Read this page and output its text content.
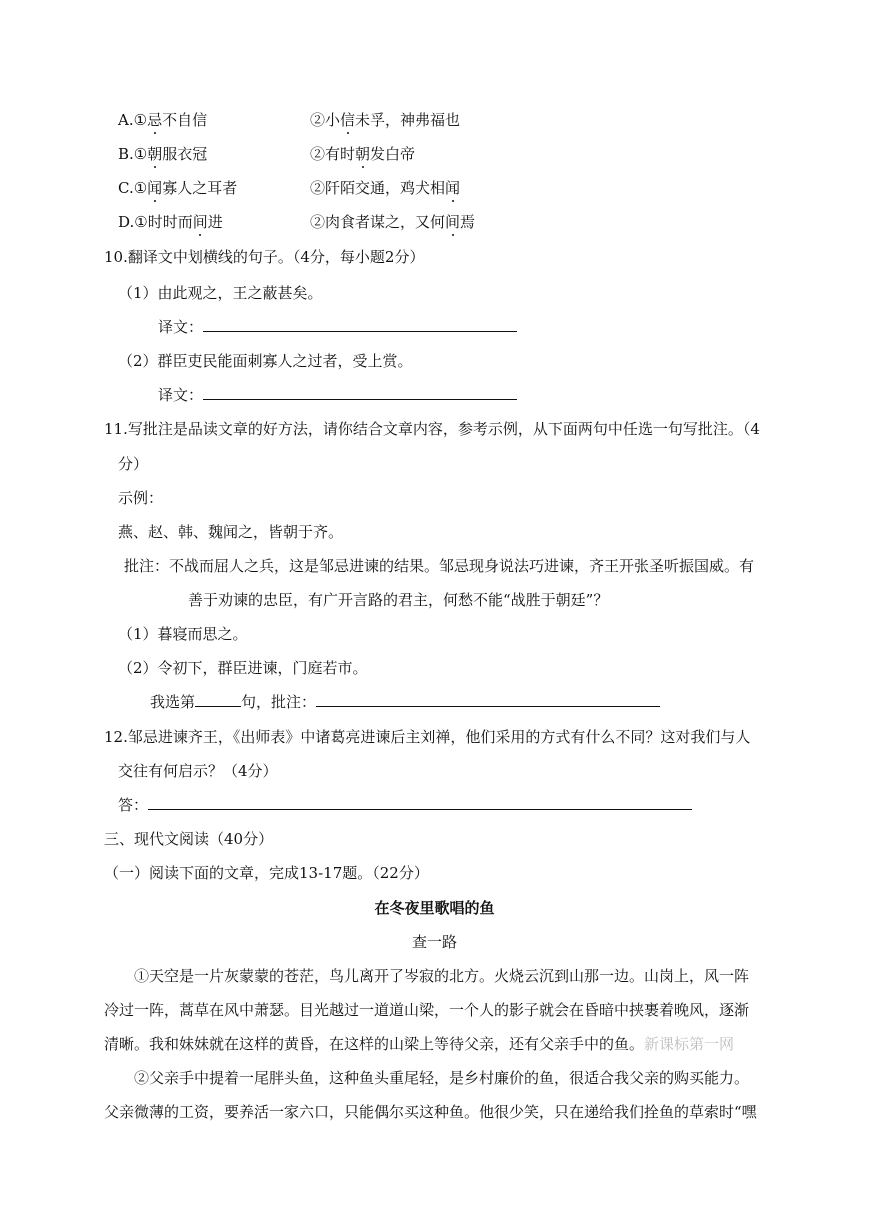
A.①忌不自信	②小信未孚，神弗福也
B.①朝服衣冠	②有时朝发白帝
C.①闻寡人之耳者	②阡陌交通，鸡犬相闻
D.①时时而间进	②肉食者谋之，又何间焉
10.翻译文中划横线的句子。（4分，每小题2分）
（1）由此观之，王之蔽甚矣。
译文：
（2）群臣吏民能面刺寡人之过者，受上赏。
译文：
11.写批注是品读文章的好方法，请你结合文章内容，参考示例，从下面两句中任选一句写批注。（4
分）
示例：
燕、赵、韩、魏闻之，皆朝于齐。
批注：不战而屈人之兵，这是邹忌进谏的结果。邹忌现身说法巧进谏，齐王开张圣听振国威。有
善于劝谏的忠臣，有广开言路的君主，何愁不能“战胜于朝廷”？
（1）暮寝而思之。
（2）令初下，群臣进谏，门庭若市。
我选第	句，批注：
12.邹忌进谏齐王，《出师表》中诸葛亮进谏后主刘禅，他们采用的方式有什么不同？这对我们与人
交往有何启示？（4分）
答：
三、现代文阅读（40分）
（一）阅读下面的文章，完成13-17题。（22分）
在冬夜里歌唱的鱼
查一路
①天空是一片灰蒙蒙的苍茫，鸟儿离开了岑寂的北方。火烧云沉到山那一边。山岗上，风一阵
冷过一阵，蒿草在风中萧瑟。目光越过一道道山梁，一个人的影子就会在昏暗中挟裹着晚风，逐渐
清晰。我和妹妹就在这样的黄昏，在这样的山梁上等待父亲，还有父亲手中的鱼。新课标第一网
②父亲手中提着一尾胖头鱼，这种鱼头重尾轻，是乡村廉价的鱼，很适合我父亲的购买能力。
父亲微薄的工资，要养活一家六口，只能偶尔买这种鱼。他很少笑，只在递给我们拴鱼的草索时“嘿
